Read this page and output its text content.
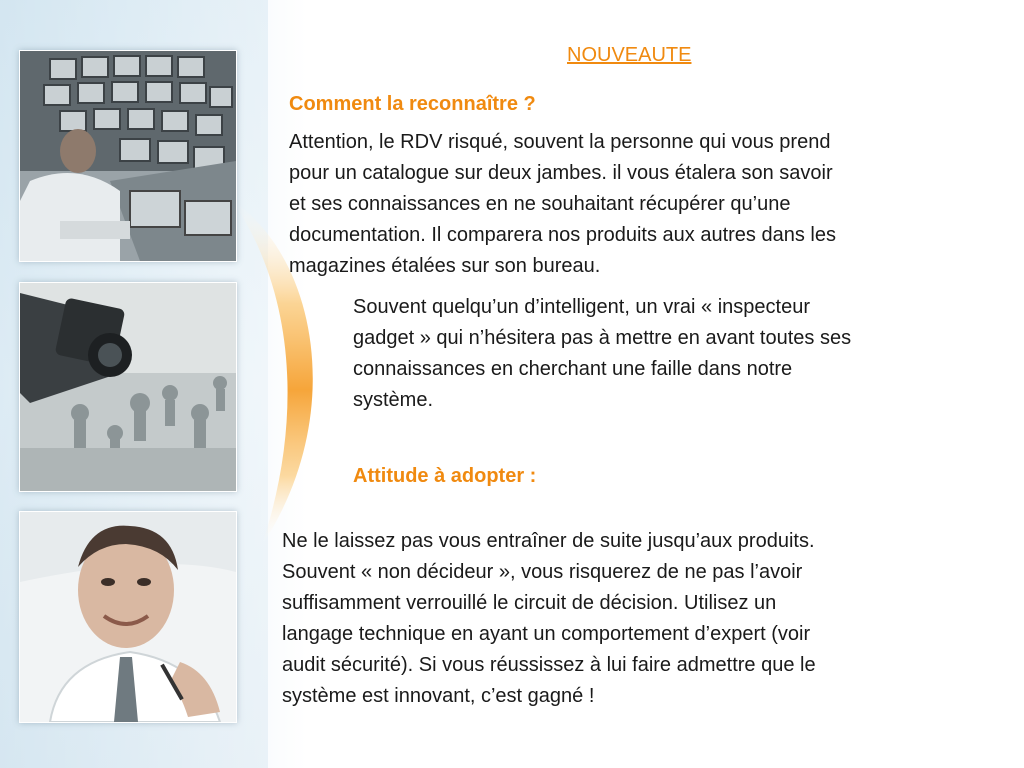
NOUVEAUTE
Comment la reconnaître ?
Attention, le RDV risqué, souvent la personne qui vous prend
pour un catalogue sur deux jambes. il vous étalera son savoir
et ses connaissances en ne souhaitant récupérer qu’une
documentation. Il comparera nos produits aux autres dans les
magazines étalées sur son bureau.
Souvent quelqu’un d’intelligent, un vrai « inspecteur
gadget » qui n’hésitera pas à mettre en avant toutes ses
connaissances en cherchant une faille dans notre
système.
Attitude à adopter :
Ne le laissez pas vous entraîner de suite jusqu’aux produits.
Souvent « non décideur », vous risquerez de ne pas l’avoir
suffisamment verrouillé le circuit de décision. Utilisez un
langage technique en ayant un comportement d’expert (voir
audit sécurité). Si vous réussissez à lui faire admettre que le
système est innovant, c’est gagné !
